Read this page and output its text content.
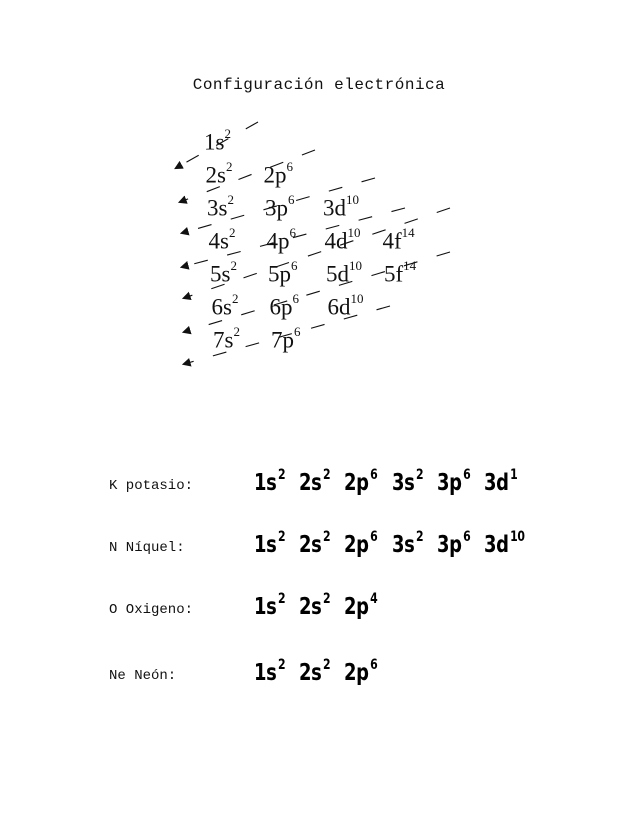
Configuración electrónica
$1s^2$
$2s^2$ $2p^6$
$3s^2$ $3p^6$ $3d^{10}$
$4s^2$ $4p^6$ $4d^{10}$ $4f^{14}$
$5s^2$ $5p^6$ $5d^{10}$ $5f^{14}$
$6s^2$ $6p^6$ $6d^{10}$
$7s^2$ $7p^6$
K potasio:	1s $^2$ 2s $^2$ 2p $^6$ 3s $^2$ 3p $^6$ 3d $^1$
N Níquel:	1s $^2$ 2s $^2$ 2p $^6$ 3s $^2$ 3p $^6$ 3d $^{10}$
O Oxigeno:	1s $^2$ 2s $^2$ 2p $^4$
Ne Neón:	1s $^2$ 2s $^2$ 2p $^6$
